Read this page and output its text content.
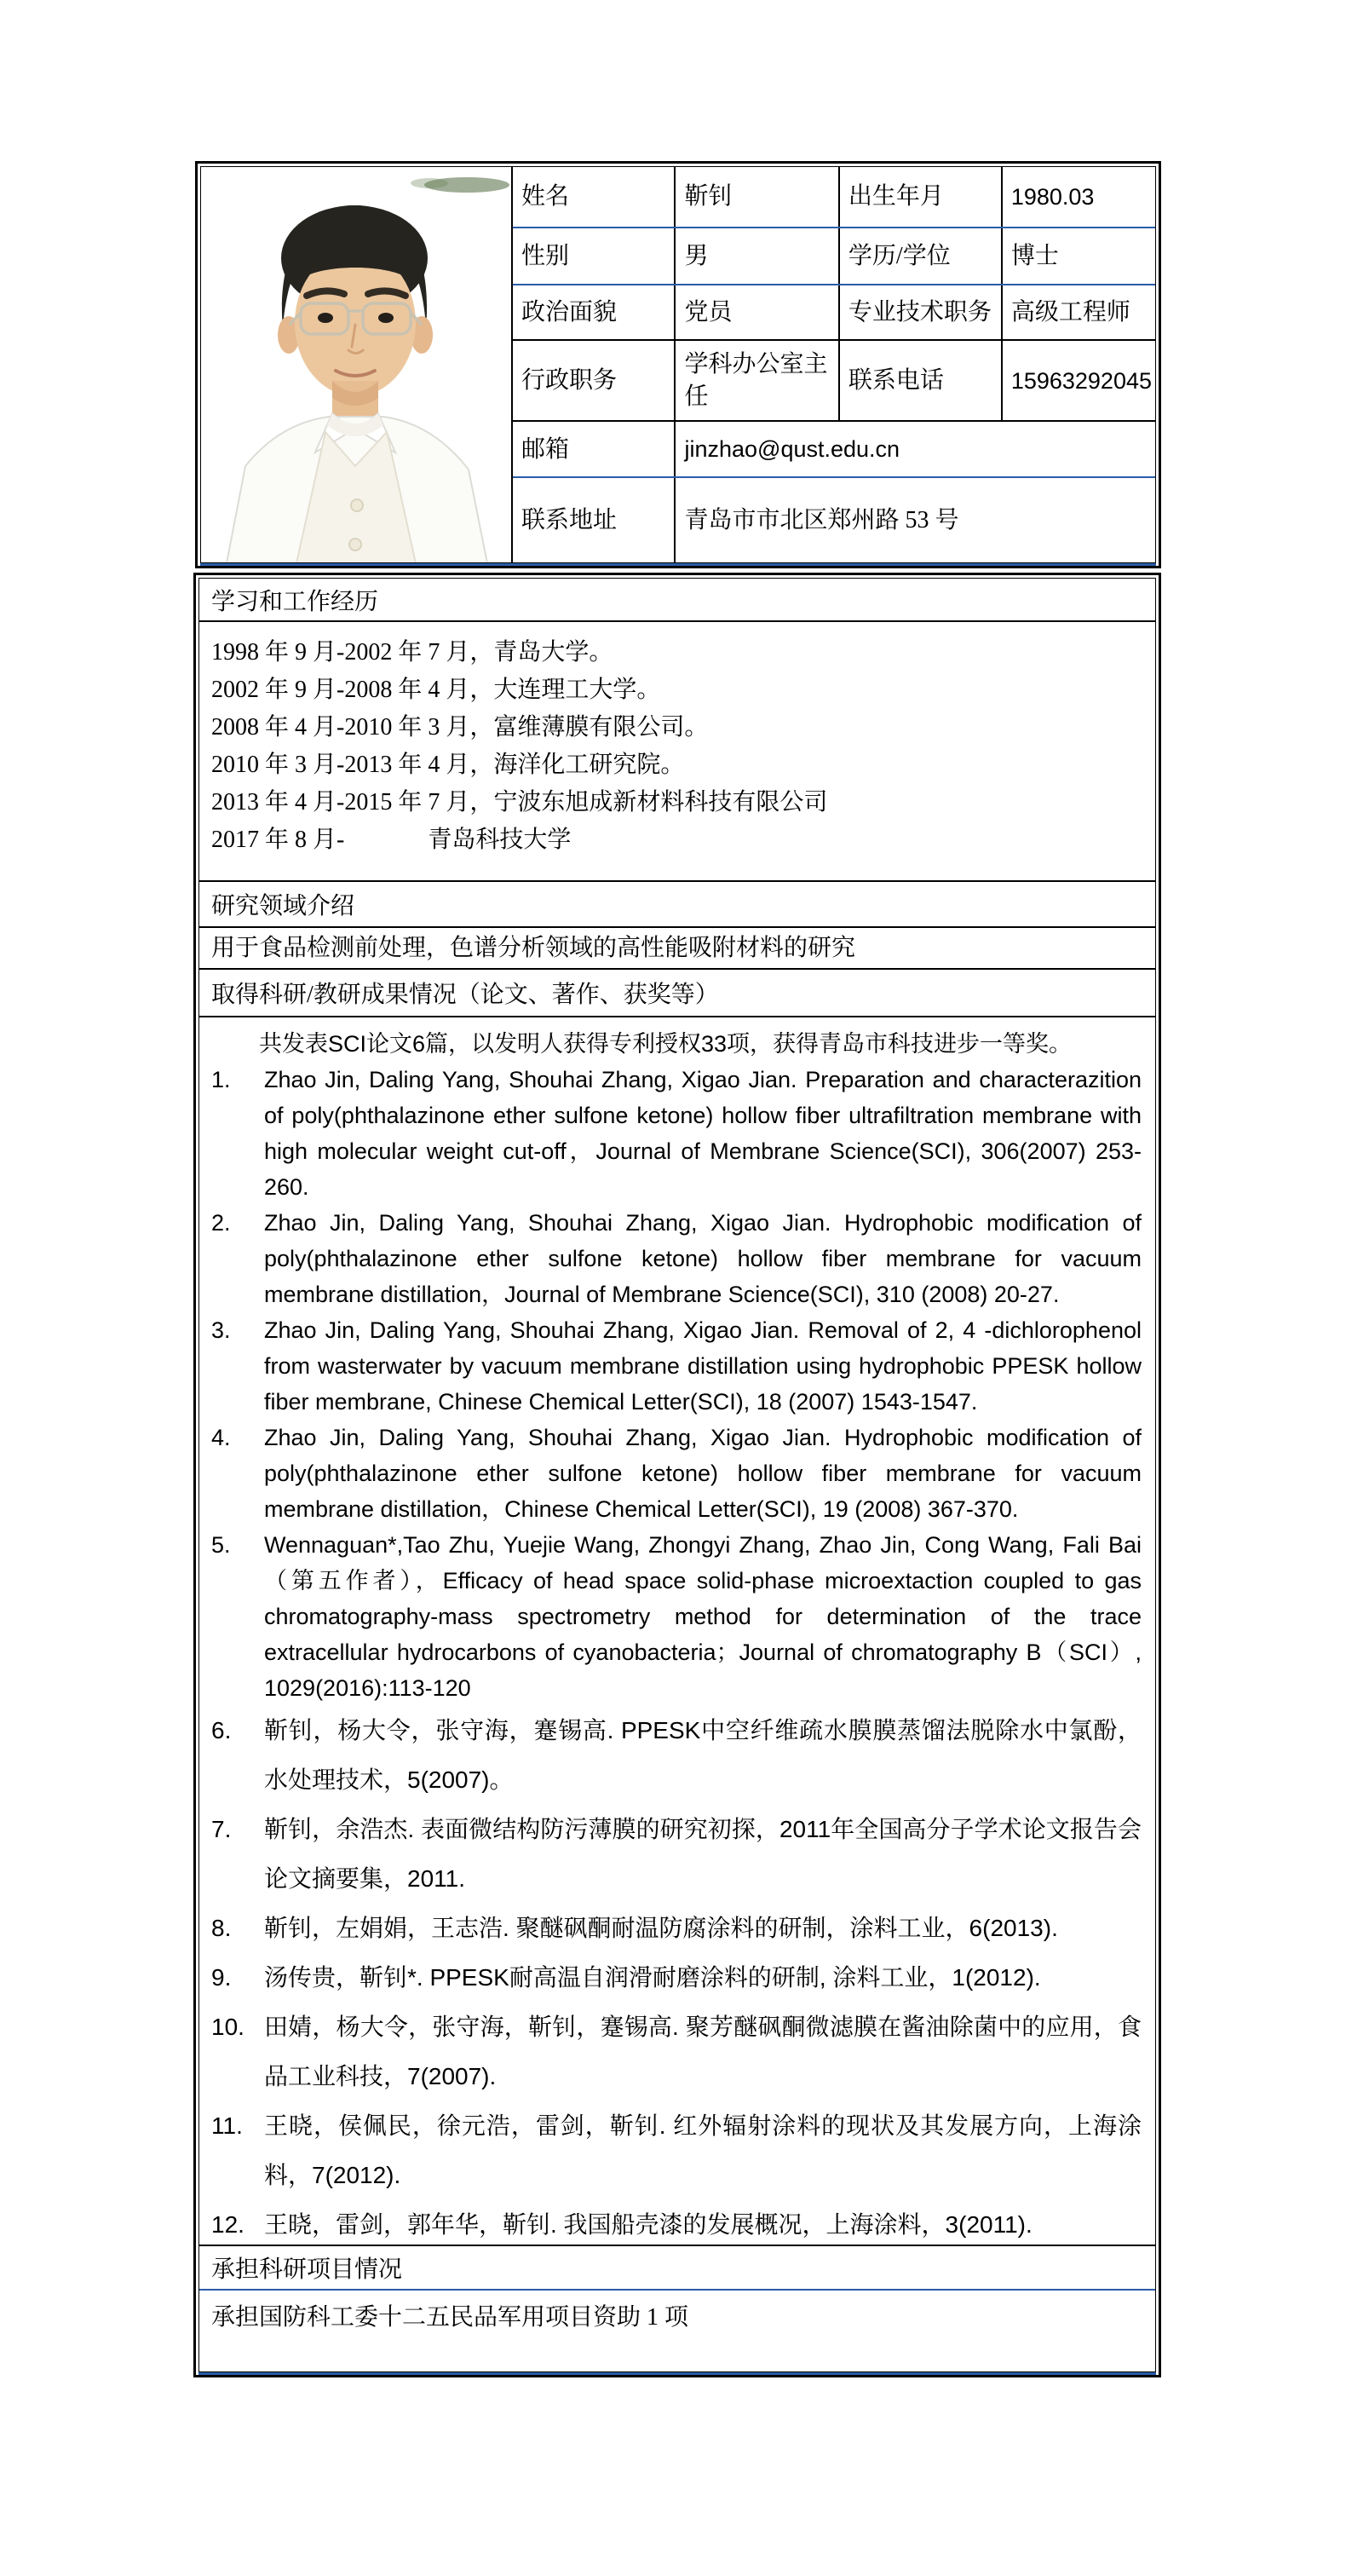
姓名	靳钊	出生年月	1980.03
性别	男	学历/学位	博士
政治面貌	党员	专业技术职务	高级工程师
行政职务	学科办公室主任	联系电话	15963292045
邮箱	jinzhao@qust.edu.cn		
联系地址	青岛市市北区郑州路 53 号		
学习和工作经历
1998 年 9 月-2002 年 7 月，青岛大学。
2002 年 9 月-2008 年 4 月，大连理工大学。
2008 年 4 月-2010 年 3 月，富维薄膜有限公司。
2010 年 3 月-2013 年 4 月，海洋化工研究院。
2013 年 4 月-2015 年 7 月，宁波东旭成新材料科技有限公司
2017 年 8 月-              青岛科技大学
研究领域介绍
用于食品检测前处理，色谱分析领域的高性能吸附材料的研究
取得科研/教研成果情况（论文、著作、获奖等）
共发表SCI论文6篇，以发明人获得专利授权33项，获得青岛市科技进步一等奖。
1.	Zhao Jin, Daling Yang, Shouhai Zhang, Xigao Jian. Preparation and characterazition of poly(phthalazinone ether sulfone ketone) hollow fiber ultrafiltration membrane with high molecular weight cut-off，Journal of Membrane Science(SCI), 306(2007) 253-260.
2.	Zhao Jin, Daling Yang, Shouhai Zhang, Xigao Jian. Hydrophobic modification of poly(phthalazinone ether sulfone ketone) hollow fiber membrane for vacuum membrane distillation，Journal of Membrane Science(SCI), 310 (2008) 20-27.
3.	Zhao Jin, Daling Yang, Shouhai Zhang, Xigao Jian. Removal of 2, 4 -dichlorophenol from wasterwater by vacuum membrane distillation using hydrophobic PPESK hollow fiber membrane, Chinese Chemical Letter(SCI), 18 (2007) 1543-1547.
4.	Zhao Jin, Daling Yang, Shouhai Zhang, Xigao Jian. Hydrophobic modification of poly(phthalazinone ether sulfone ketone) hollow fiber membrane for vacuum membrane distillation，Chinese Chemical Letter(SCI), 19 (2008) 367-370.
5.	Wennaguan*,Tao Zhu, Yuejie Wang, Zhongyi Zhang, Zhao Jin, Cong Wang, Fali Bai（第五作者），Efficacy of head space solid-phase microextaction coupled to gas chromatography-mass spectrometry method for determination of the trace extracellular hydrocarbons of cyanobacteria；Journal of chromatography B（SCI）, 1029(2016):113-120
6.	靳钊，杨大令，张守海，蹇锡高. PPESK中空纤维疏水膜膜蒸馏法脱除水中氯酚，水处理技术，5(2007)。
7.	靳钊，余浩杰. 表面微结构防污薄膜的研究初探，2011年全国高分子学术论文报告会论文摘要集，2011.
8.	靳钊，左娟娟，王志浩. 聚醚砜酮耐温防腐涂料的研制，涂料工业，6(2013).
9.	汤传贵，靳钊*. PPESK耐高温自润滑耐磨涂料的研制, 涂料工业，1(2012).
10. 田婧，杨大令，张守海，靳钊，蹇锡高. 聚芳醚砜酮微滤膜在酱油除菌中的应用，食品工业科技，7(2007).
11. 王晓，侯佩民，徐元浩，雷剑，靳钊. 红外辐射涂料的现状及其发展方向，上海涂料，7(2012).
12. 王晓，雷剑，郭年华，靳钊. 我国船壳漆的发展概况，上海涂料，3(2011).
承担科研项目情况
承担国防科工委十二五民品军用项目资助 1 项
